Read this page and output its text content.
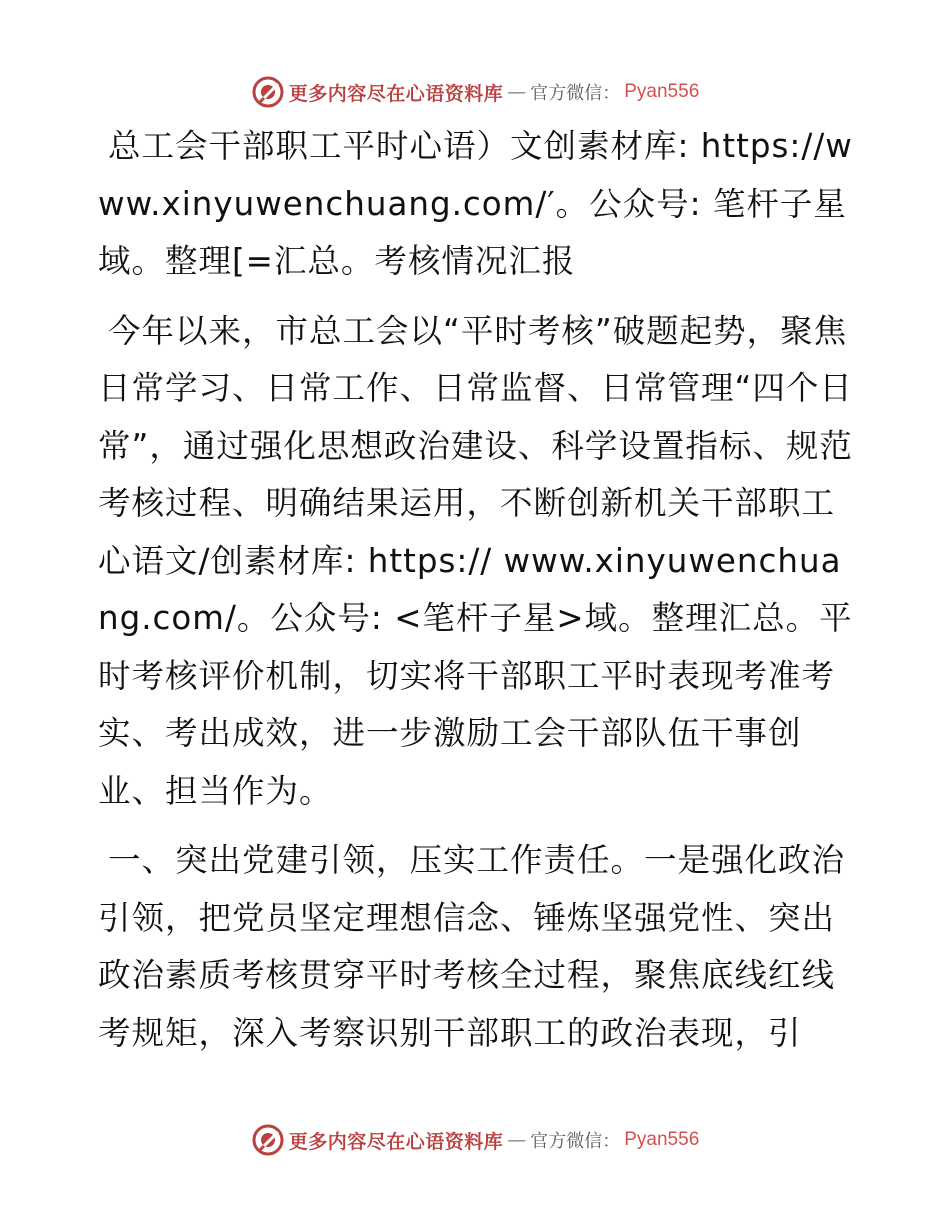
更多内容尽在心语资料库 — 官方微信： Pyan556

总工会干部职工平时心语）文创素材库: https://www.xinyuwenchuang.com/′。公众号: 笔杆子星域。整理[=汇总。考核情况汇报

今年以来，市总工会以“平时考核”破题起势，聚焦日常学习、日常工作、日常监督、日常管理“四个日常”，通过强化思想政治建设、科学设置指标、规范考核过程、明确结果运用，不断创新机关干部职工心语文/创素材库: https:// www.xinyuwenchuang.com/。公众号: <笔杆子星>域。整理汇总。平时考核评价机制，切实将干部职工平时表现考准考实、考出成效，进一步激励工会干部队伍干事创业、担当作为。

一、突出党建引领，压实工作责任。一是强化政治引领，把党员坚定理想信念、锤炼坚强党性、突出政治素质考核贯穿平时考核全过程，聚焦底线红线考规矩，深入考察识别干部职工的政治表现，引

更多内容尽在心语资料库 — 官方微信： Pyan556
